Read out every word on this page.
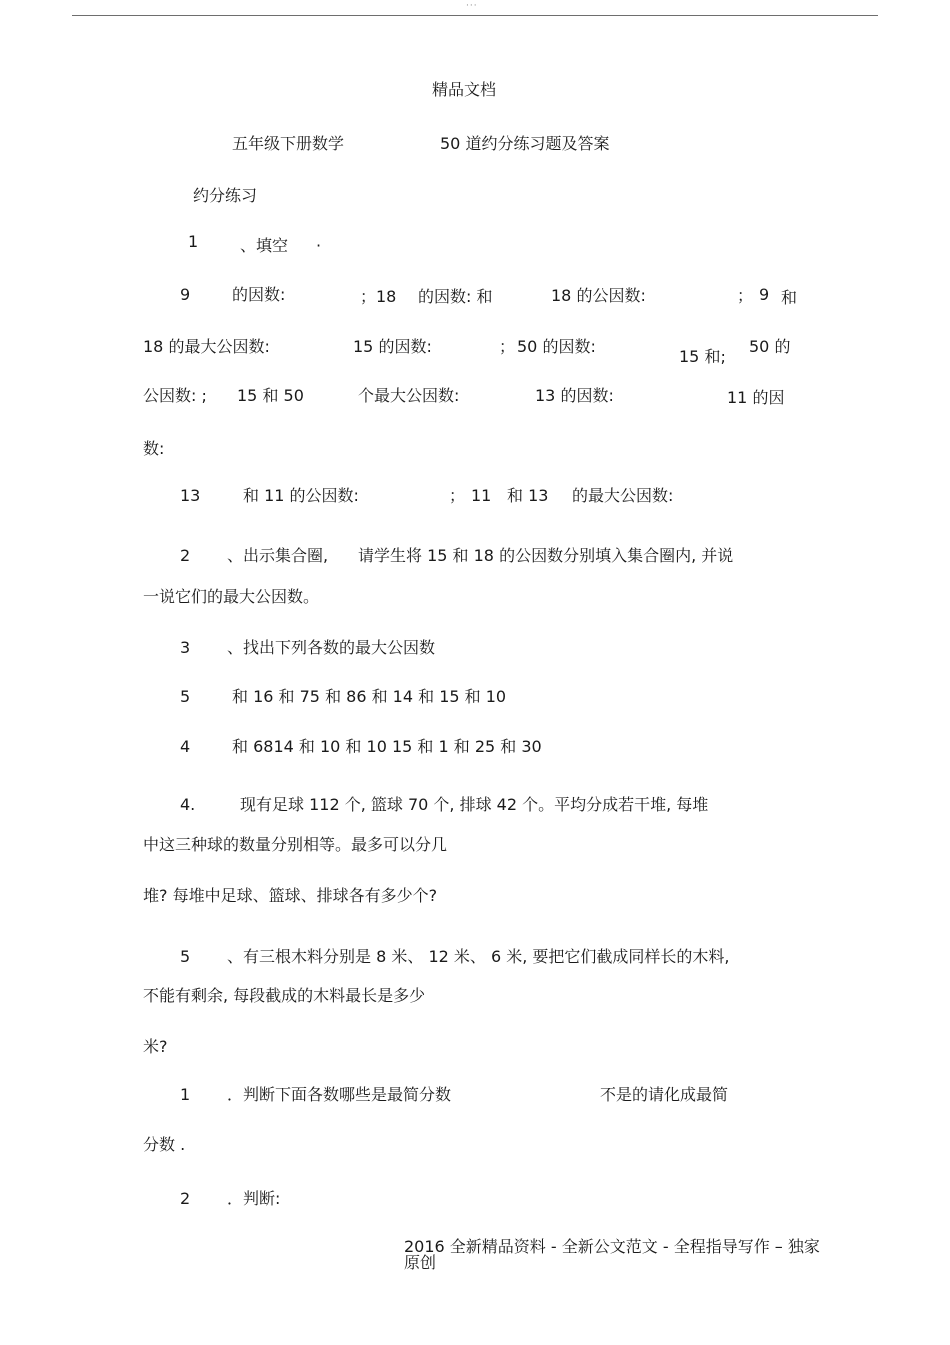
···
精品文档
五年级下册数学	50 道约分练习题及答案
约分练习
1	、填空 ·
9	的因数:	；18 的因数: 和	18 的公因数:	； 9 和
18 的最大公因数:	15 的因数:	； 50 的因数:
15 和;
50 的
公因数: ; 15 和 50	个最大公因数:	13 的因数:	11 的因
数:
13	和 11 的公因数:	； 11 和 13 的最大公因数:
2 、出示集合圈, 请学生将 15 和 18 的公因数分别填入集合圈内, 并说
一说它们的最大公因数。
3 、找出下列各数的最大公因数
5	和 16 和 75 和 86 和 14 和 15 和 10
4	和 6814 和 10 和 10 15 和 1 和 25 和 30
4.	现有足球 112 个, 篮球 70 个, 排球 42 个。平均分成若干堆, 每堆
中这三种球的数量分别相等。最多可以分几
堆? 每堆中足球、篮球、排球各有多少个?
5 、有三根木料分别是 8 米、 12 米、 6 米, 要把它们截成同样长的木料,
不能有剩余, 每段截成的木料最长是多少
米?
1 ．判断下面各数哪些是最简分数	不是的请化成最简
分数 .
2 ．判断:
2016 全新精品资料 - 全新公文范文 - 全程指导写作 – 独家
原创
